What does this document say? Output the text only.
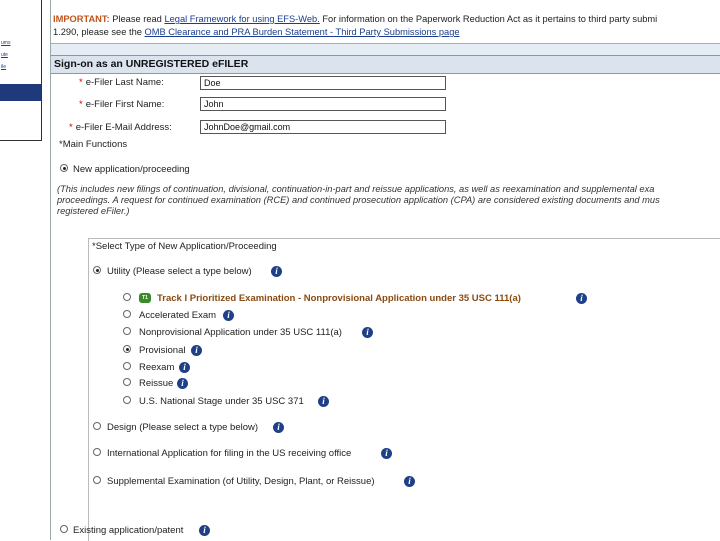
ums
ute
ile
IMPORTANT: Please read Legal Framework for using EFS-Web. For information on the Paperwork Reduction Act as it pertains to third party submi
1.290, please see the OMB Clearance and PRA Burden Statement - Third Party Submissions page
Sign-on as an UNREGISTERED eFILER
* e-Filer Last Name:
Doe
* e-Filer First Name:
John
* e-Filer E-Mail Address:
JohnDoe@gmail.com
*Main Functions
New application/proceeding
(This includes new filings of continuation, divisional, continuation-in-part and reissue applications, as well as reexamination and supplemental exa
proceedings. A request for continued examination (RCE) and continued prosecution application (CPA) are considered existing documents and mus
registered eFiler.)
*Select Type of New Application/Proceeding
Utility (Please select a type below)	i
T1 Track I Prioritized Examination - Nonprovisional Application under 35 USC 111(a)	i
Accelerated Exam	i
Nonprovisional Application under 35 USC 111(a)	i
Provisional	i
Reexam i
Reissue i
U.S. National Stage under 35 USC 371	i
Design (Please select a type below)	i
International Application for filing in the US receiving office	i
Supplemental Examination (of Utility, Design, Plant, or Reissue)	i
Existing application/patent	i
